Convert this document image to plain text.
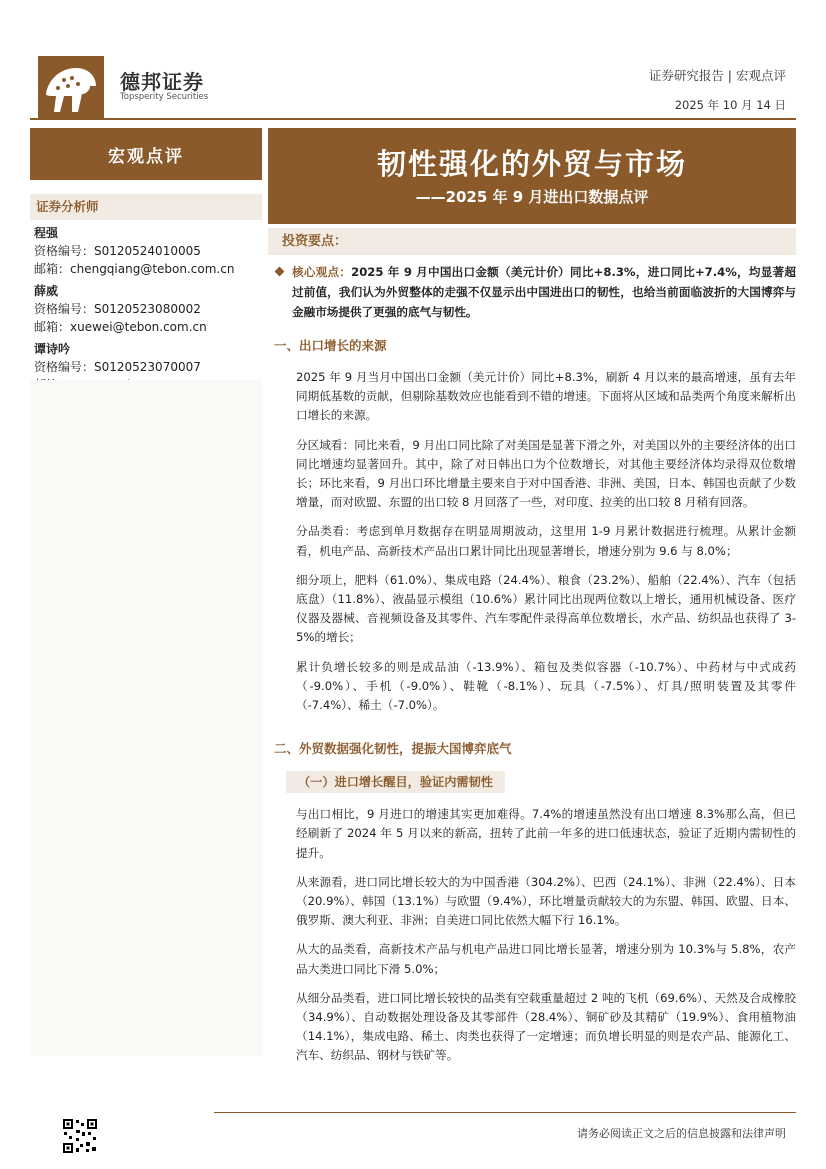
德邦证券
Topsperity Securities
证券研究报告 | 宏观点评
2025 年 10 月 14 日
宏观点评	韧性强化的外贸与市场
——2025 年 9 月进出口数据点评
证券分析师
程强
资格编号：S0120524010005
邮箱：chengqiang@tebon.com.cn
薛威
资格编号：S0120523080002
邮箱：xuewei@tebon.com.cn
谭诗吟
资格编号：S0120523070007
投资要点：
核心观点：2025 年 9 月中国出口金额（美元计价）同比+8.3%，进口同比+7.4%，均显著超过前值，我们认为外贸整体的走强不仅显示出中国进出口的韧性，也给当前面临波折的大国博弈与金融市场提供了更强的底气与韧性。
一、出口增长的来源
2025 年 9 月当月中国出口金额（美元计价）同比+8.3%，刷新 4 月以来的最高增速，虽有去年同期低基数的贡献，但剔除基数效应也能看到不错的增速。下面将从区域和品类两个角度来解析出口增长的来源。
分区域看：同比来看，9 月出口同比除了对美国是显著下滑之外，对美国以外的主要经济体的出口同比增速均显著回升。其中，除了对日韩出口为个位数增长，对其他主要经济体均录得双位数增长；环比来看，9 月出口环比增量主要来自于对中国香港、非洲、美国，日本、韩国也贡献了少数增量，而对欧盟、东盟的出口较 8 月回落了一些，对印度、拉美的出口较 8 月稍有回落。
分品类看：考虑到单月数据存在明显周期波动，这里用 1-9 月累计数据进行梳理。从累计金额看，机电产品、高新技术产品出口累计同比出现显著增长，增速分别为 9.6 与 8.0%；
细分项上，肥料（61.0%）、集成电路（24.4%）、粮食（23.2%）、船舶（22.4%）、汽车（包括底盘）（11.8%）、液晶显示模组（10.6%）累计同比出现两位数以上增长，通用机械设备、医疗仪器及器械、音视频设备及其零件、汽车零配件录得高单位数增长，水产品、纺织品也获得了 3-5%的增长；
累计负增长较多的则是成品油（-13.9%）、箱包及类似容器（-10.7%）、中药材与中式成药（-9.0%）、手机（-9.0%）、鞋靴（-8.1%）、玩具（-7.5%）、灯具/照明装置及其零件（-7.4%）、稀土（-7.0%）。
二、外贸数据强化韧性，提振大国博弈底气
（一）进口增长醒目，验证内需韧性
与出口相比，9 月进口的增速其实更加难得。7.4%的增速虽然没有出口增速 8.3%那么高，但已经刷新了 2024 年 5 月以来的新高，扭转了此前一年多的进口低速状态，验证了近期内需韧性的提升。
从来源看，进口同比增长较大的为中国香港（304.2%）、巴西（24.1%）、非洲（22.4%）、日本（20.9%）、韩国（13.1%）与欧盟（9.4%），环比增量贡献较大的为东盟、韩国、欧盟、日本、俄罗斯、澳大利亚、非洲；自美进口同比依然大幅下行 16.1%。
从大的品类看，高新技术产品与机电产品进口同比增长显著，增速分别为 10.3%与 5.8%，农产品大类进口同比下滑 5.0%；
从细分品类看，进口同比增长较快的品类有空载重量超过 2 吨的飞机（69.6%）、天然及合成橡胶（34.9%）、自动数据处理设备及其零部件（28.4%）、铜矿砂及其精矿（19.9%）、食用植物油（14.1%），集成电路、稀土、肉类也获得了一定增速；而负增长明显的则是农产品、能源化工、汽车、纺织品、钢材与铁矿等。
请务必阅读正文之后的信息披露和法律声明
